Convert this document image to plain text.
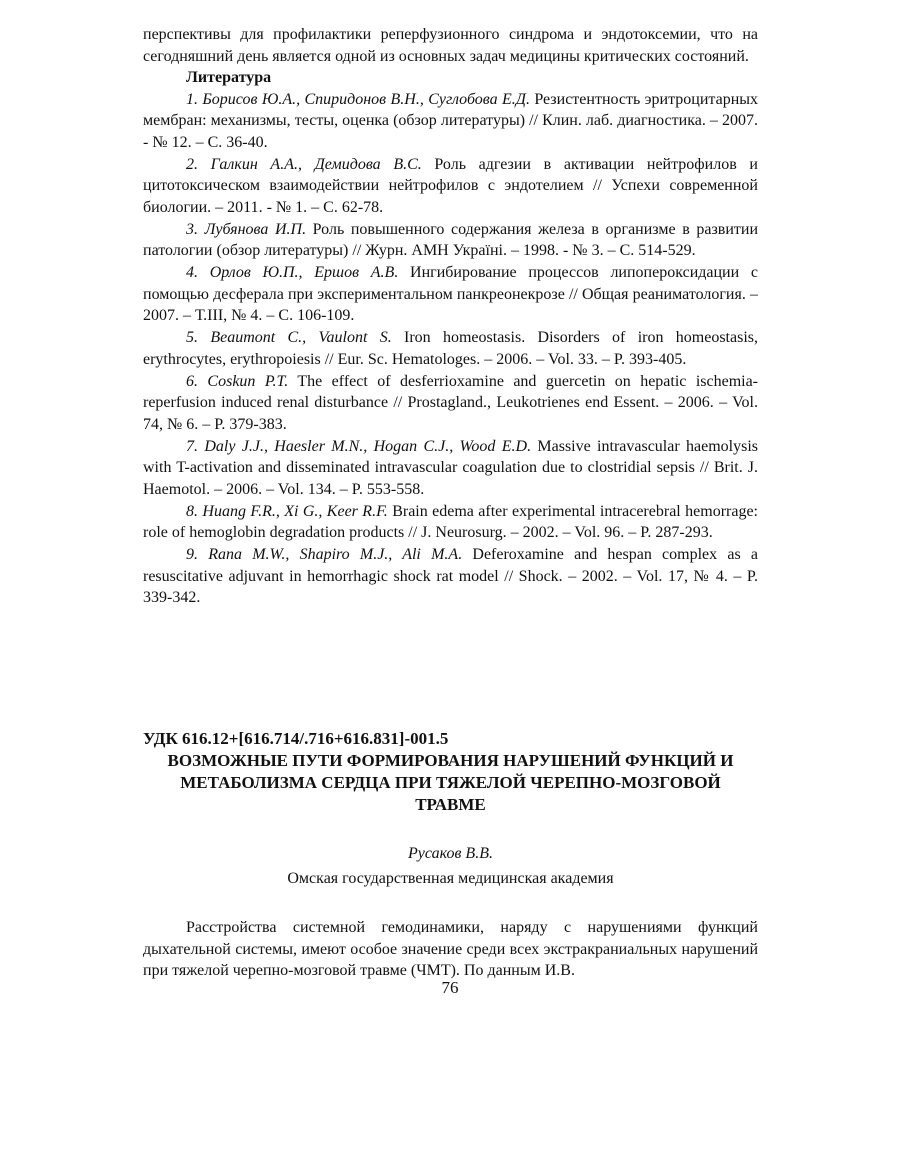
перспективы для профилактики реперфузионного синдрома и эндотоксемии, что на сегодняшний день является одной из основных задач медицины критических состояний.

Литература

1. Борисов Ю.А., Спиридонов В.Н., Суглобова Е.Д. Резистентность эритроцитарных мембран: механизмы, тесты, оценка (обзор литературы) // Клин. лаб. диагностика. – 2007. - № 12. – С. 36-40.

2. Галкин А.А., Демидова В.С. Роль адгезии в активации нейтрофилов и цитотоксическом взаимодействии нейтрофилов с эндотелием // Успехи современной биологии. – 2011. - № 1. – С. 62-78.

3. Лубянова И.П. Роль повышенного содержания железа в организме в развитии патологии (обзор литературы) // Журн. АМН Україні. – 1998. - № 3. – С. 514-529.

4. Орлов Ю.П., Ершов А.В. Ингибирование процессов липопероксидации с помощью десферала при экспериментальном панкреонекрозе // Общая реаниматология. – 2007. – Т.III, № 4. – С. 106-109.

5. Beaumont C., Vaulont S. Iron homeostasis. Disorders of iron homeostasis, erythrocytes, erythropoiesis // Eur. Sc. Hematologes. – 2006. – Vol. 33. – P. 393-405.

6. Coskun P.T. The effect of desferrioxamine and guercetin on hepatic ischemia-reperfusion induced renal disturbance // Prostagland., Leukotrienes end Essent. – 2006. – Vol. 74, № 6. – P. 379-383.

7. Daly J.J., Haesler M.N., Hogan C.J., Wood E.D. Massive intravascular haemolysis with T-activation and disseminated intravascular coagulation due to clostridial sepsis // Brit. J. Haemotol. – 2006. – Vol. 134. – P. 553-558.

8. Huang F.R., Xi G., Keer R.F. Brain edema after experimental intracerebral hemorrage: role of hemoglobin degradation products // J. Neurosurg. – 2002. – Vol. 96. – P. 287-293.

9. Rana M.W., Shapiro M.J., Ali M.A. Deferoxamine and hespan complex as a resuscitative adjuvant in hemorrhagic shock rat model // Shock. – 2002. – Vol. 17, № 4. – P. 339-342.

УДК 616.12+[616.714/.716+616.831]-001.5

ВОЗМОЖНЫЕ ПУТИ ФОРМИРОВАНИЯ НАРУШЕНИЙ ФУНКЦИЙ И МЕТАБОЛИЗМА СЕРДЦА ПРИ ТЯЖЕЛОЙ ЧЕРЕПНО-МОЗГОВОЙ ТРАВМЕ

Русаков В.В.

Омская государственная медицинская академия

Расстройства системной гемодинамики, наряду с нарушениями функций дыхательной системы, имеют особое значение среди всех экстракраниальных нарушений при тяжелой черепно-мозговой травме (ЧМТ). По данным И.В.

76
